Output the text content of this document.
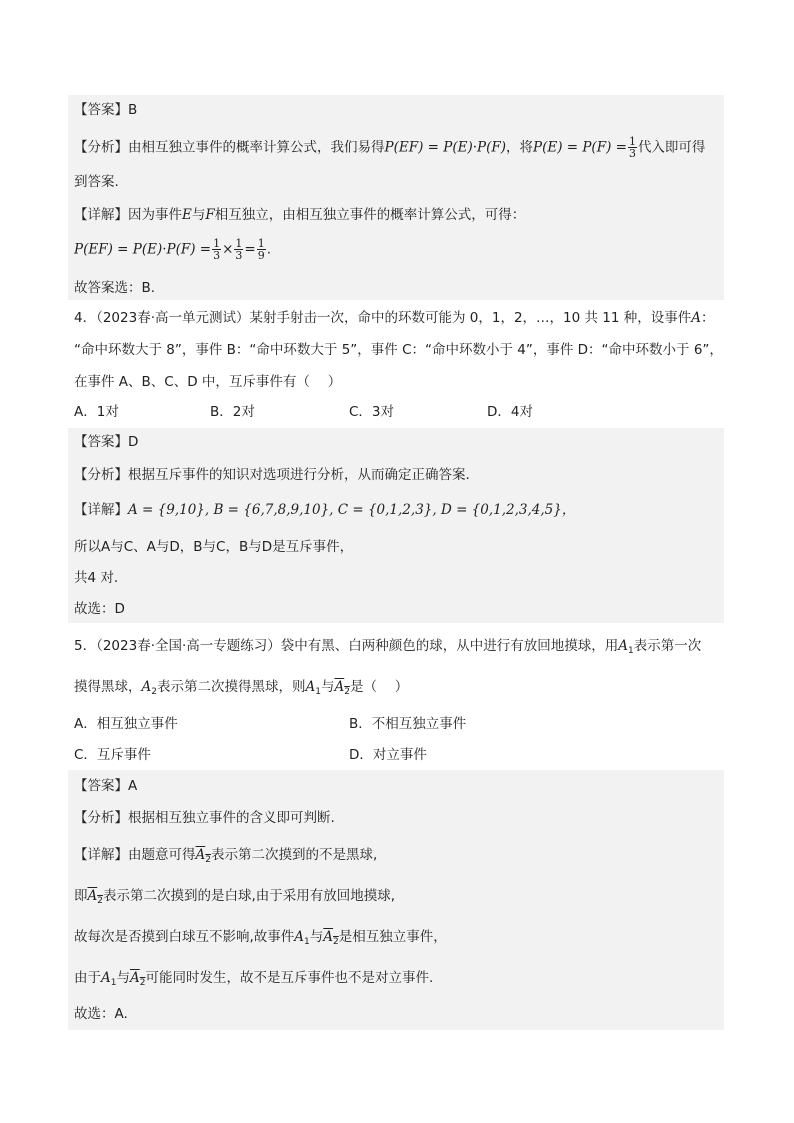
【答案】B
【分析】由相互独立事件的概率计算公式，我们易得P(EF) = P(E)·P(F)，将$P(E) = P(F) = \frac{1}{3}$ 代入即可得
到答案.
【详解】因为事件E与F相互独立，由相互独立事件的概率计算公式，可得：
$P(EF) = P(E)\cdot P(F) = \frac{1}{3} \times \frac{1}{3} = \frac{1}{9}$ .
故答案选：B.
4．（2023春·高一单元测试）某射手射击一次，命中的环数可能为 0，1，2，…，10 共 11 种，设事件A：
“命中环数大于 8”，事件 B：“命中环数大于 5”，事件 C：“命中环数小于 4”，事件 D：“命中环数小于 6”，
在事件 A、B、C、D 中，互斥事件有（　 ）
A．1对	B．2对	C．3对	D．4对
【答案】D
【分析】根据互斥事件的知识对选项进行分析，从而确定正确答案.
【详解】A = {9,10}, B = {6,7,8,9,10}, C = {0,1,2,3}, D = {0,1,2,3,4,5}，
所以A与C、A与D，B与C，B与D是互斥事件，
共4 对.
故选：D
5．（2023春·全国·高一专题练习）袋中有黑、白两种颜色的球，从中进行有放回地摸球，用$A_1$表示第一次
摸得黑球，$A_2$表示第二次摸得黑球，则$A_1$与$\overline{A}_2$是（　 ）
A．相互独立事件	B．不相互独立事件
C．互斥事件	D．对立事件
【答案】A
【分析】根据相互独立事件的含义即可判断.
【详解】由题意可得$\overline{A}_2$表示第二次摸到的不是黑球,
即$\overline{A}_2$表示第二次摸到的是白球,由于采用有放回地摸球,
故每次是否摸到白球互不影响,故事件$A_1$与$\overline{A}_2$是相互独立事件，
由于$A_1$与$\overline{A}_2$可能同时发生，故不是互斥事件也不是对立事件.
故选：A.
